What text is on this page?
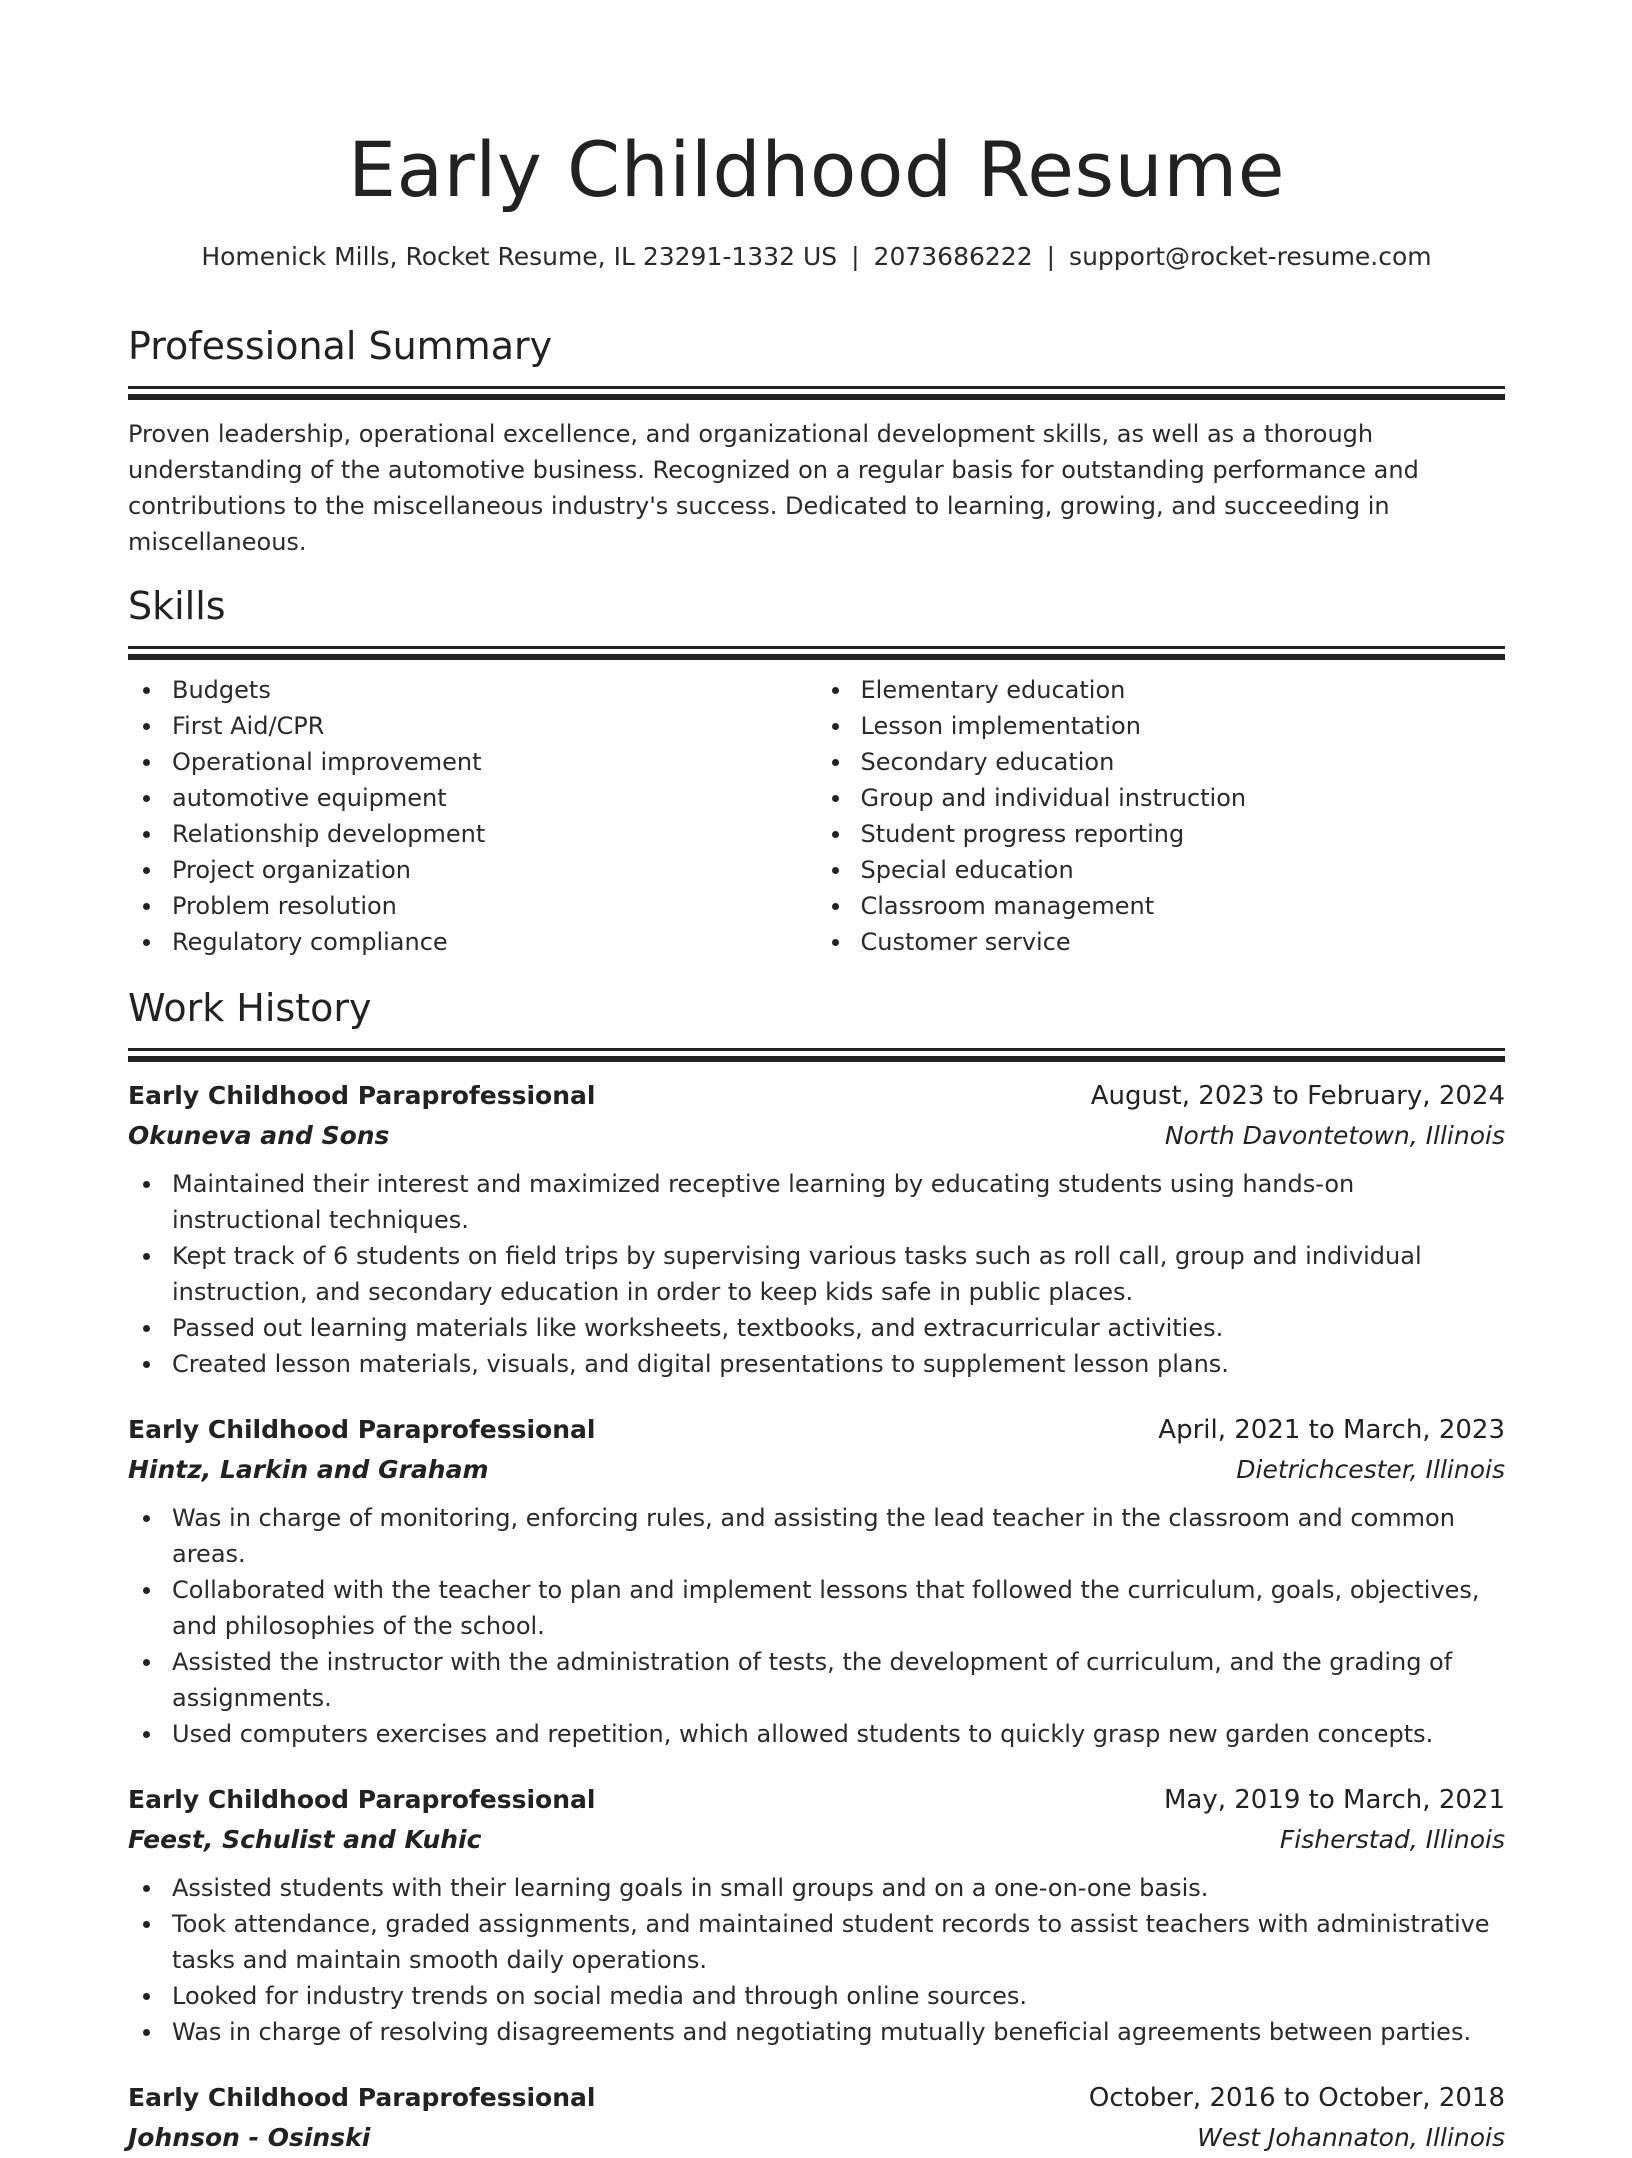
Early Childhood Resume
Homenick Mills, Rocket Resume, IL 23291-1332 US | 2073686222 | support@rocket-resume.com
Professional Summary

Proven leadership, operational excellence, and organizational development skills, as well as a thorough understanding of the automotive business. Recognized on a regular basis for outstanding performance and contributions to the miscellaneous industry's success. Dedicated to learning, growing, and succeeding in miscellaneous.

Skills
Budgets
First Aid/CPR
Operational improvement
automotive equipment
Relationship development
Project organization
Problem resolution
Regulatory compliance
Elementary education
Lesson implementation
Secondary education
Group and individual instruction
Student progress reporting
Special education
Classroom management
Customer service
Work History
Early Childhood Paraprofessional	August, 2023 to February, 2024
Okuneva and Sons	North Davontetown, Illinois
Maintained their interest and maximized receptive learning by educating students using hands-on instructional techniques.
Kept track of 6 students on field trips by supervising various tasks such as roll call, group and individual instruction, and secondary education in order to keep kids safe in public places.
Passed out learning materials like worksheets, textbooks, and extracurricular activities.
Created lesson materials, visuals, and digital presentations to supplement lesson plans.
Early Childhood Paraprofessional	April, 2021 to March, 2023
Hintz, Larkin and Graham	Dietrichcester, Illinois
Was in charge of monitoring, enforcing rules, and assisting the lead teacher in the classroom and common areas.
Collaborated with the teacher to plan and implement lessons that followed the curriculum, goals, objectives, and philosophies of the school.
Assisted the instructor with the administration of tests, the development of curriculum, and the grading of assignments.
Used computers exercises and repetition, which allowed students to quickly grasp new garden concepts.
Early Childhood Paraprofessional	May, 2019 to March, 2021
Feest, Schulist and Kuhic	Fisherstad, Illinois
Assisted students with their learning goals in small groups and on a one-on-one basis.
Took attendance, graded assignments, and maintained student records to assist teachers with administrative tasks and maintain smooth daily operations.
Looked for industry trends on social media and through online sources.
Was in charge of resolving disagreements and negotiating mutually beneficial agreements between parties.
Early Childhood Paraprofessional	October, 2016 to October, 2018
Johnson - Osinski	West Johannaton, Illinois
